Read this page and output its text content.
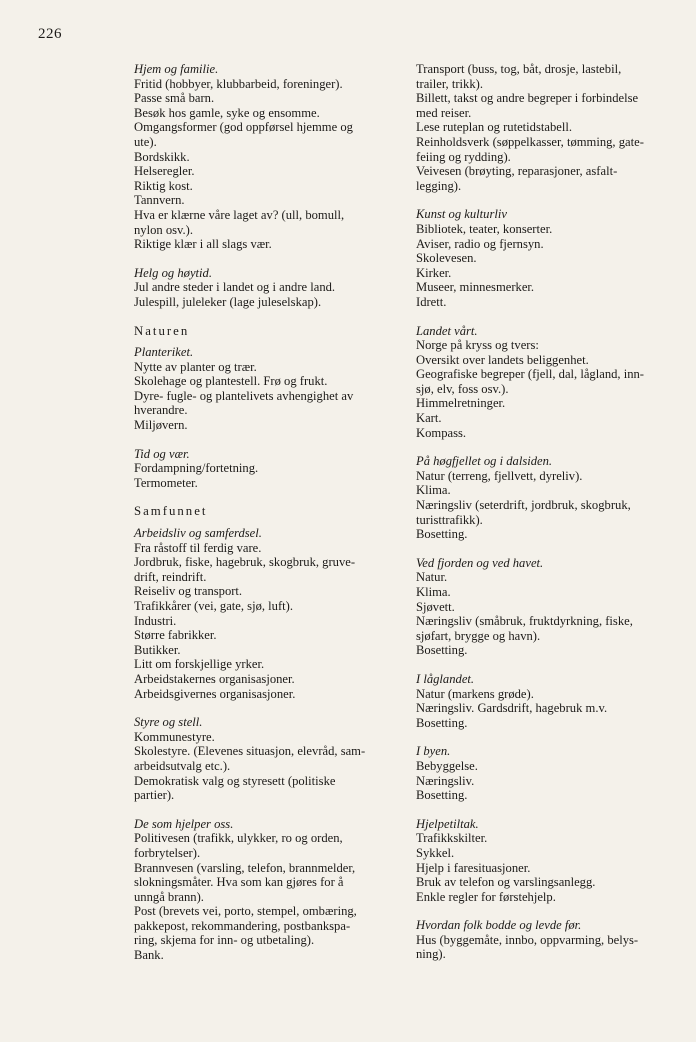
226
Hjem og familie.
Fritid (hobbyer, klubbarbeid, foreninger).
Passe små barn.
Besøk hos gamle, syke og ensomme.
Omgangsformer (god oppførsel hjemme og
ute).
Bordskikk.
Helseregler.
Riktig kost.
Tannvern.
Hva er klærne våre laget av? (ull, bomull,
nylon osv.).
Riktige klær i all slags vær.
Helg og høytid.
Jul andre steder i landet og i andre land.
Julespill, juleleker (lage juleselskap).
Naturen
Planteriket.
Nytte av planter og trær.
Skolehage og plantestell. Frø og frukt.
Dyre- fugle- og plantelivets avhengighet av
hverandre.
Miljøvern.
Tid og vær.
Fordampning/fortetning.
Termometer.
Samfunnet
Arbeidsliv og samferdsel.
Fra råstoff til ferdig vare.
Jordbruk, fiske, hagebruk, skogbruk, gruve-
drift, reindrift.
Reiseliv og transport.
Trafikkårer (vei, gate, sjø, luft).
Industri.
Større fabrikker.
Butikker.
Litt om forskjellige yrker.
Arbeidstakernes organisasjoner.
Arbeidsgivernes organisasjoner.
Styre og stell.
Kommunestyre.
Skolestyre. (Elevenes situasjon, elevråd, sam-
arbeidsutvalg etc.).
Demokratisk valg og styresett (politiske
partier).
De som hjelper oss.
Politivesen (trafikk, ulykker, ro og orden,
forbrytelser).
Brannvesen (varsling, telefon, brannmelder,
slokningsmåter. Hva som kan gjøres for å
unngå brann).
Post (brevets vei, porto, stempel, ombæring,
pakkepost, rekommandering, postbankspa-
ring, skjema for inn- og utbetaling).
Bank.
Transport (buss, tog, båt, drosje, lastebil,
trailer, trikk).
Billett, takst og andre begreper i forbindelse
med reiser.
Lese ruteplan og rutetidstabell.
Reinholdsverk (søppelkasser, tømming, gate-
feiing og rydding).
Veivesen (brøyting, reparasjoner, asfalt-
legging).
Kunst og kulturliv
Bibliotek, teater, konserter.
Aviser, radio og fjernsyn.
Skolevesen.
Kirker.
Museer, minnesmerker.
Idrett.
Landet vårt.
Norge på kryss og tvers:
Oversikt over landets beliggenhet.
Geografiske begreper (fjell, dal, lågland, inn-
sjø, elv, foss osv.).
Himmelretninger.
Kart.
Kompass.
På høgfjellet og i dalsiden.
Natur (terreng, fjellvett, dyreliv).
Klima.
Næringsliv (seterdrift, jordbruk, skogbruk,
turisttrafikk).
Bosetting.
Ved fjorden og ved havet.
Natur.
Klima.
Sjøvett.
Næringsliv (småbruk, fruktdyrkning, fiske,
sjøfart, brygge og havn).
Bosetting.
I låglandet.
Natur (markens grøde).
Næringsliv. Gardsdrift, hagebruk m.v.
Bosetting.
I byen.
Bebyggelse.
Næringsliv.
Bosetting.
Hjelpetiltak.
Trafikkskilter.
Sykkel.
Hjelp i faresituasjoner.
Bruk av telefon og varslingsanlegg.
Enkle regler for førstehjelp.
Hvordan folk bodde og levde før.
Hus (byggemåte, innbo, oppvarming, belys-
ning).
